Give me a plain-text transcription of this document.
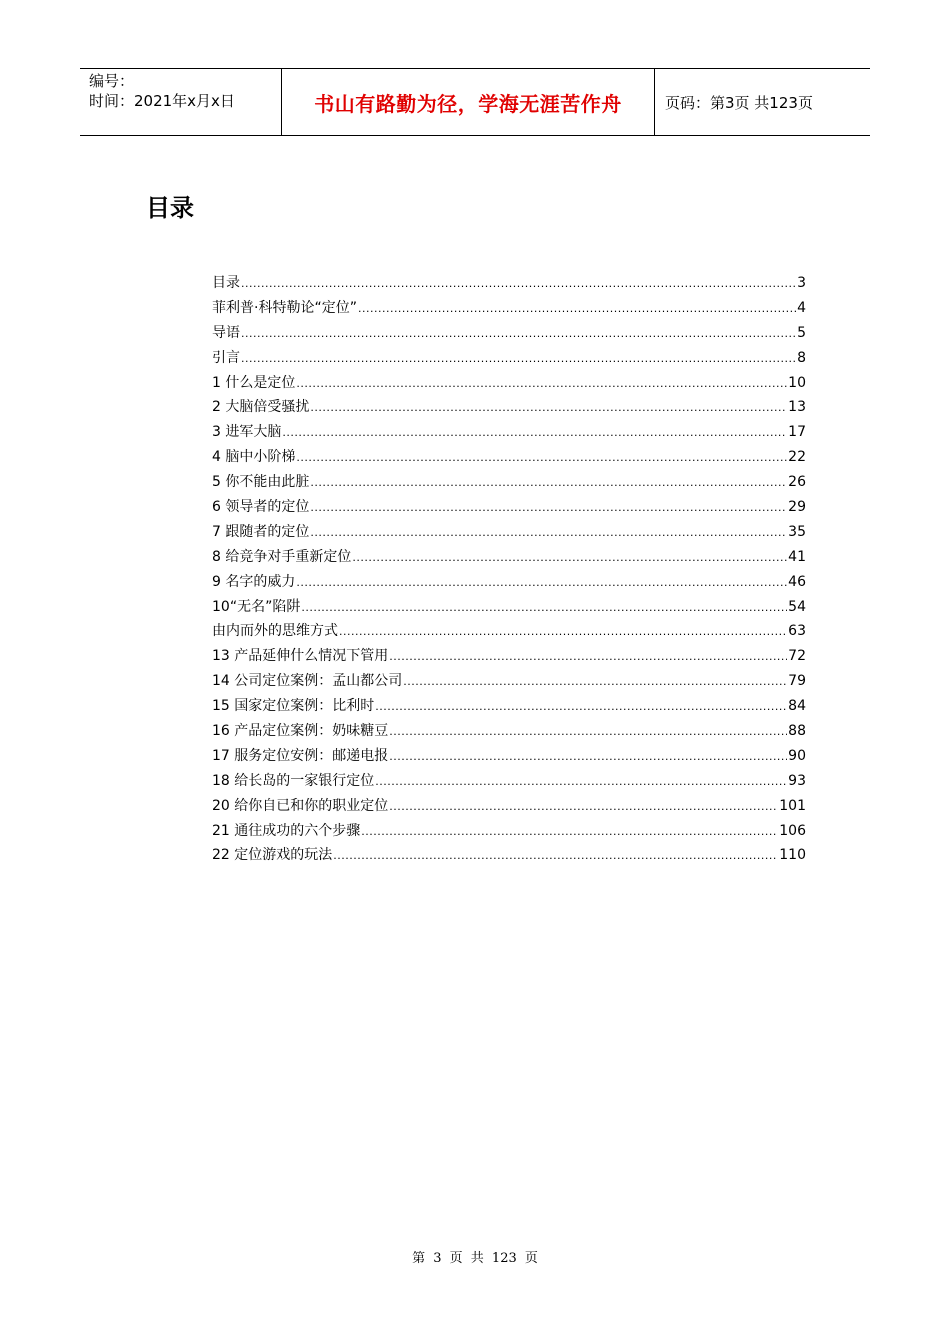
编号：
时间：2021年x月x日	书山有路勤为径，学海无涯苦作舟	页码：第3页 共123页
目录
目录 .....	3
菲利普·科特勒论“定位” .....	4
导语 .....	5
引言 .....	8
1 什么是定位 .....	10
2 大脑倍受骚扰 .....	13
3 进军大脑 .....	17
4 脑中小阶梯 .....	22
5 你不能由此脏 .....	26
6 领导者的定位 .....	29
7 跟随者的定位 .....	35
8 给竞争对手重新定位 .....	41
9 名字的威力 .....	46
10“无名”陷阱 .....	54
由内而外的思维方式 .....	63
13 产品延伸什么情况下管用 .....	72
14 公司定位案例：孟山都公司 .....	79
15 国家定位案例：比利时 .....	84
16 产品定位案例：奶味糖豆 .....	88
17 服务定位安例：邮递电报 .....	90
18 给长岛的一家银行定位 .....	93
20 给你自已和你的职业定位 .....	101
21 通往成功的六个步骤 .....	106
22 定位游戏的玩法 .....	110
第 3 页 共 123 页
